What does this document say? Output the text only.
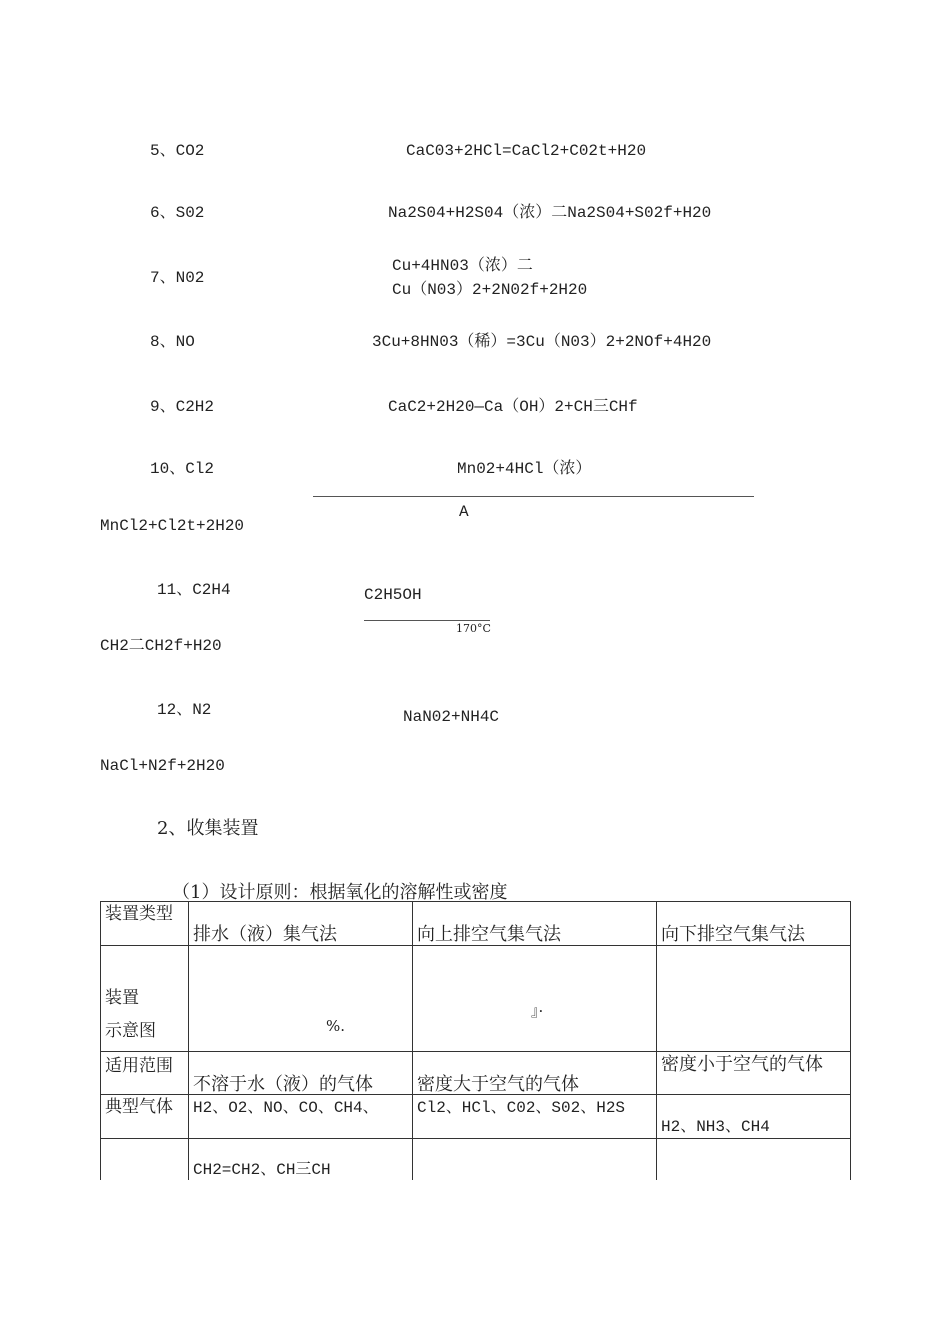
5、CO2	CaC03+2HCl=CaCl2+C02t+H20
6、S02	Na2S04+H2S04（浓）二Na2S04+S02f+H20
7、N02
Cu+4HN03（浓）二
Cu（N03）2+2N02f+2H20
8、NO	3Cu+8HN03（稀）=3Cu（N03）2+2NOf+4H20
9、C2H2	CaC2+2H20—Ca（OH）2+CH三CHf
10、Cl2	Mn02+4HCl（浓）
A
MnCl2+Cl2t+2H20
11、C2H4	C2H5OH
170°C
CH2二CH2f+H20
12、N2	NaN02+NH4C
NaCl+N2f+2H20
2、收集装置
（1）设计原则：根据氧化的溶解性或密度
装置类型	排水（液）集气法	向上排空气集气法	向下排空气集气法

装置
示意图	%.	』·	

适用范围	不溶于水（液）的气体	密度大于空气的气体	密度小于空气的气体

典型气体	H2、O2、NO、CO、CH4、	Cl2、HCl、C02、S02、H2S	H2、NH3、CH4

	CH2=CH2、CH三CH		
